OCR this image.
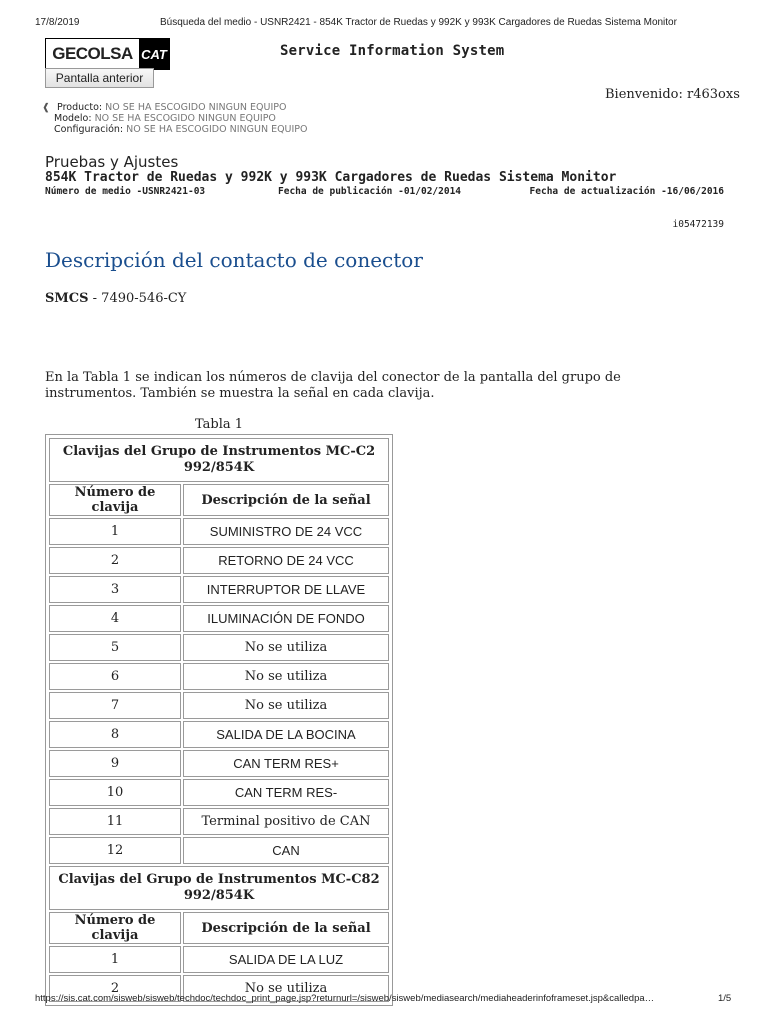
17/8/2019	Búsqueda del medio - USNR2421 - 854K Tractor de Ruedas y 992K y 993K Cargadores de Ruedas Sistema Monitor
GECOLSA CAT
Pantalla anterior
Service Information System
Bienvenido: r463oxs
❰ Producto: NO SE HA ESCOGIDO NINGUN EQUIPO
Modelo: NO SE HA ESCOGIDO NINGUN EQUIPO
Configuración: NO SE HA ESCOGIDO NINGUN EQUIPO
Pruebas y Ajustes
854K Tractor de Ruedas y 992K y 993K Cargadores de Ruedas Sistema Monitor
Número de medio -USNR2421-03	Fecha de publicación -01/02/2014	Fecha de actualización -16/06/2016
i05472139
Descripción del contacto de conector
SMCS - 7490-546-CY
En la Tabla 1 se indican los números de clavija del conector de la pantalla del grupo de instrumentos. También se muestra la señal en cada clavija.
Tabla 1
Clavijas del Grupo de Instrumentos MC-C2
992/854K	
Número de clavija	Descripción de la señal
1	SUMINISTRO DE 24 VCC
2	RETORNO DE 24 VCC
3	INTERRUPTOR DE LLAVE
4	ILUMINACIÓN DE FONDO
5	No se utiliza
6	No se utiliza
7	No se utiliza
8	SALIDA DE LA BOCINA
9	CAN TERM RES+
10	CAN TERM RES-
11	Terminal positivo de CAN
12	CAN
Clavijas del Grupo de Instrumentos MC-C82
992/854K	
Número de clavija	Descripción de la señal
1	SALIDA DE LA LUZ
2	No se utiliza
https://sis.cat.com/sisweb/sisweb/techdoc/techdoc_print_page.jsp?returnurl=/sisweb/sisweb/mediasearch/mediaheaderinfoframeset.jsp&calledpa…	1/5
